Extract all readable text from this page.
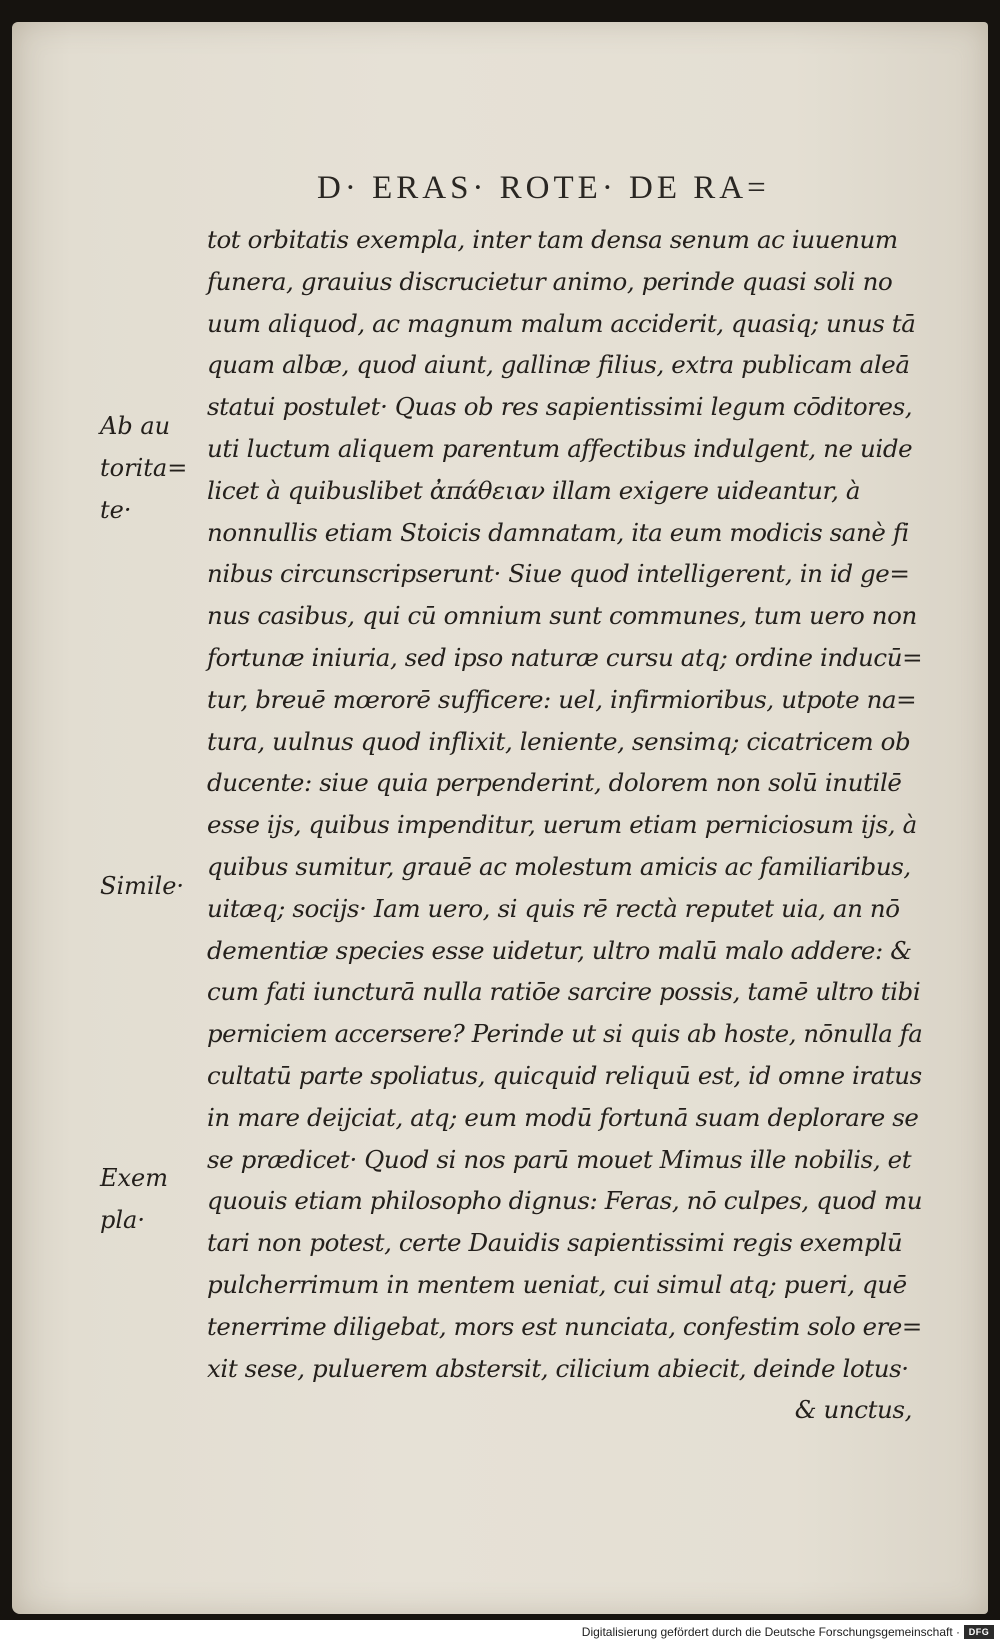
D· ERAS· ROTE· DE RA=
tot orbitatis exempla, inter tam densa senum ac iuuenum
funera, grauius discrucietur animo, perinde quasi soli no
uum aliquod, ac magnum malum acciderit, quasiq; unus tā
quam albæ, quod aiunt, gallinæ filius, extra publicam aleā
statui postulet· Quas ob res sapientissimi legum cōditores,
uti luctum aliquem parentum affectibus indulgent, ne uide
licet à quibuslibet ἀπάθειαν illam exigere uideantur, à
nonnullis etiam Stoicis damnatam, ita eum modicis sanè fi
nibus circunscripserunt· Siue quod intelligerent, in id ge=
nus casibus, qui cū omnium sunt communes, tum uero non
fortunæ iniuria, sed ipso naturæ cursu atq; ordine inducū=
tur, breuē mœrorē sufficere: uel, infirmioribus, utpote na=
tura, uulnus quod inflixit, leniente, sensimq; cicatricem ob
ducente: siue quia perpenderint, dolorem non solū inutilē
esse ijs, quibus impenditur, uerum etiam perniciosum ijs, à
quibus sumitur, grauē ac molestum amicis ac familiaribus,
uitæq; socijs· Iam uero, si quis rē rectà reputet uia, an nō
dementiæ species esse uidetur, ultro malū malo addere: &
cum fati iuncturā nulla ratiōe sarcire possis, tamē ultro tibi
perniciem accersere? Perinde ut si quis ab hoste, nōnulla fa
cultatū parte spoliatus, quicquid reliquū est, id omne iratus
in mare deijciat, atq; eum modū fortunā suam deplorare se
se prædicet· Quod si nos parū mouet Mimus ille nobilis, et
quouis etiam philosopho dignus: Feras, nō culpes, quod mu
tari non potest, certe Dauidis sapientissimi regis exemplū
pulcherrimum in mentem ueniat, cui simul atq; pueri, quē
tenerrime diligebat, mors est nunciata, confestim solo ere=
xit sese, puluerem abstersit, cilicium abiecit, deinde lotus·
& unctus,
Ab au
torita=
te·
Simile·
Exem
pla·
Digitalisierung gefördert durch die Deutsche Forschungsgemeinschaft · DFG
